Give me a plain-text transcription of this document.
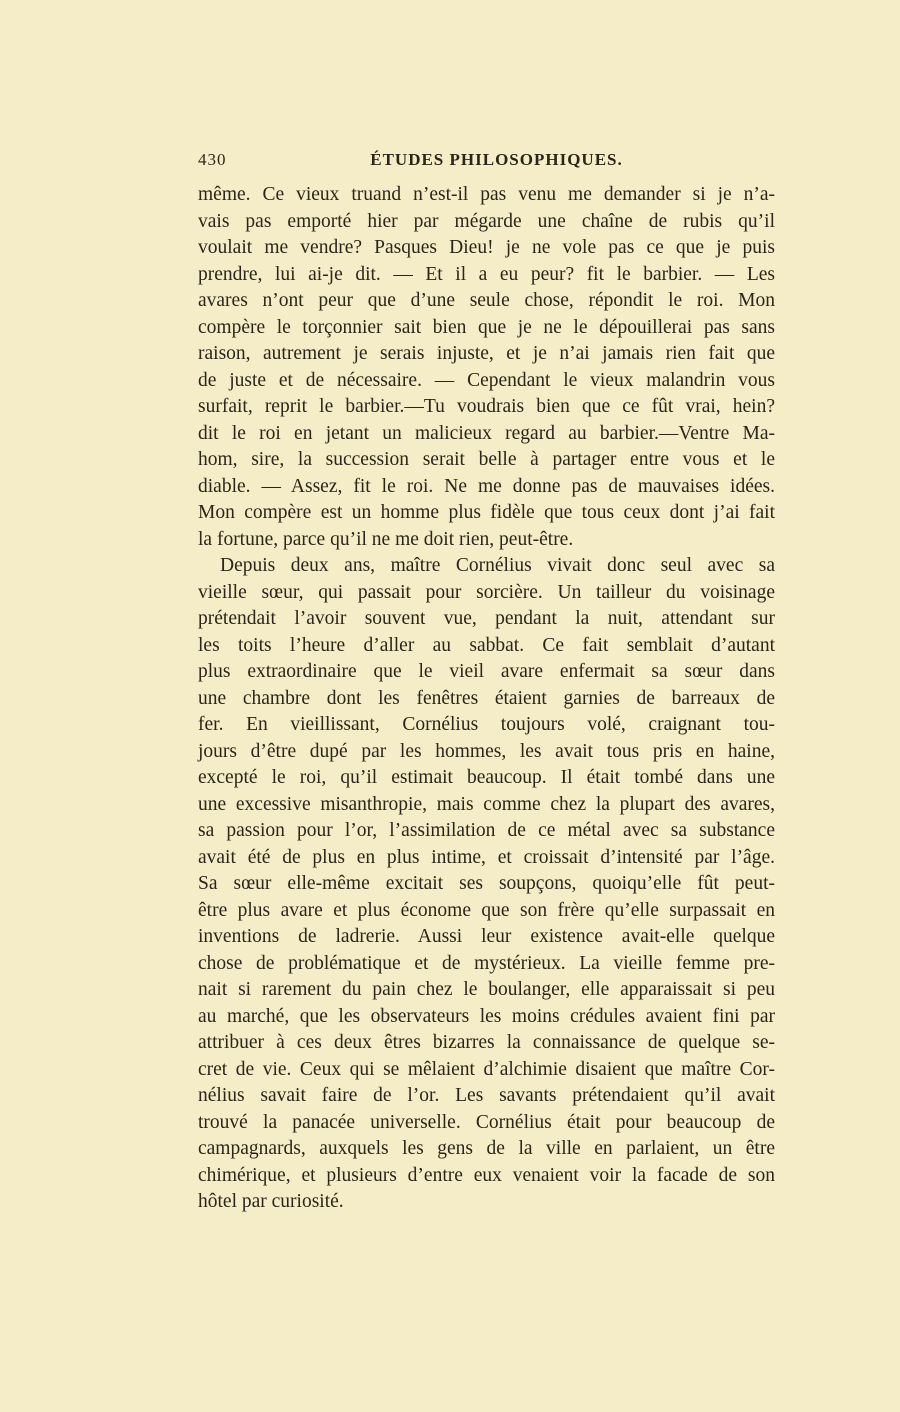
430	ÉTUDES PHILOSOPHIQUES.
même. Ce vieux truand n’est-il pas venu me demander si je n’a-
vais pas emporté hier par mégarde une chaîne de rubis qu’il
voulait me vendre? Pasques Dieu! je ne vole pas ce que je puis
prendre, lui ai-je dit. — Et il a eu peur? fit le barbier. — Les
avares n’ont peur que d’une seule chose, répondit le roi. Mon
compère le torçonnier sait bien que je ne le dépouillerai pas sans
raison, autrement je serais injuste, et je n’ai jamais rien fait que
de juste et de nécessaire. — Cependant le vieux malandrin vous
surfait, reprit le barbier.—Tu voudrais bien que ce fût vrai, hein?
dit le roi en jetant un malicieux regard au barbier.—Ventre Ma-
hom, sire, la succession serait belle à partager entre vous et le
diable. — Assez, fit le roi. Ne me donne pas de mauvaises idées.
Mon compère est un homme plus fidèle que tous ceux dont j’ai fait
la fortune, parce qu’il ne me doit rien, peut-être.
Depuis deux ans, maître Cornélius vivait donc seul avec sa
vieille sœur, qui passait pour sorcière. Un tailleur du voisinage
prétendait l’avoir souvent vue, pendant la nuit, attendant sur
les toits l’heure d’aller au sabbat. Ce fait semblait d’autant
plus extraordinaire que le vieil avare enfermait sa sœur dans
une chambre dont les fenêtres étaient garnies de barreaux de
fer. En vieillissant, Cornélius toujours volé, craignant tou-
jours d’être dupé par les hommes, les avait tous pris en haine,
excepté le roi, qu’il estimait beaucoup. Il était tombé dans une
une excessive misanthropie, mais comme chez la plupart des avares,
sa passion pour l’or, l’assimilation de ce métal avec sa substance
avait été de plus en plus intime, et croissait d’intensité par l’âge.
Sa sœur elle-même excitait ses soupçons, quoiqu’elle fût peut-
être plus avare et plus économe que son frère qu’elle surpassait en
inventions de ladrerie. Aussi leur existence avait-elle quelque
chose de problématique et de mystérieux. La vieille femme pre-
nait si rarement du pain chez le boulanger, elle apparaissait si peu
au marché, que les observateurs les moins crédules avaient fini par
attribuer à ces deux êtres bizarres la connaissance de quelque se-
cret de vie. Ceux qui se mêlaient d’alchimie disaient que maître Cor-
nélius savait faire de l’or. Les savants prétendaient qu’il avait
trouvé la panacée universelle. Cornélius était pour beaucoup de
campagnards, auxquels les gens de la ville en parlaient, un être
chimérique, et plusieurs d’entre eux venaient voir la facade de son
hôtel par curiosité.
